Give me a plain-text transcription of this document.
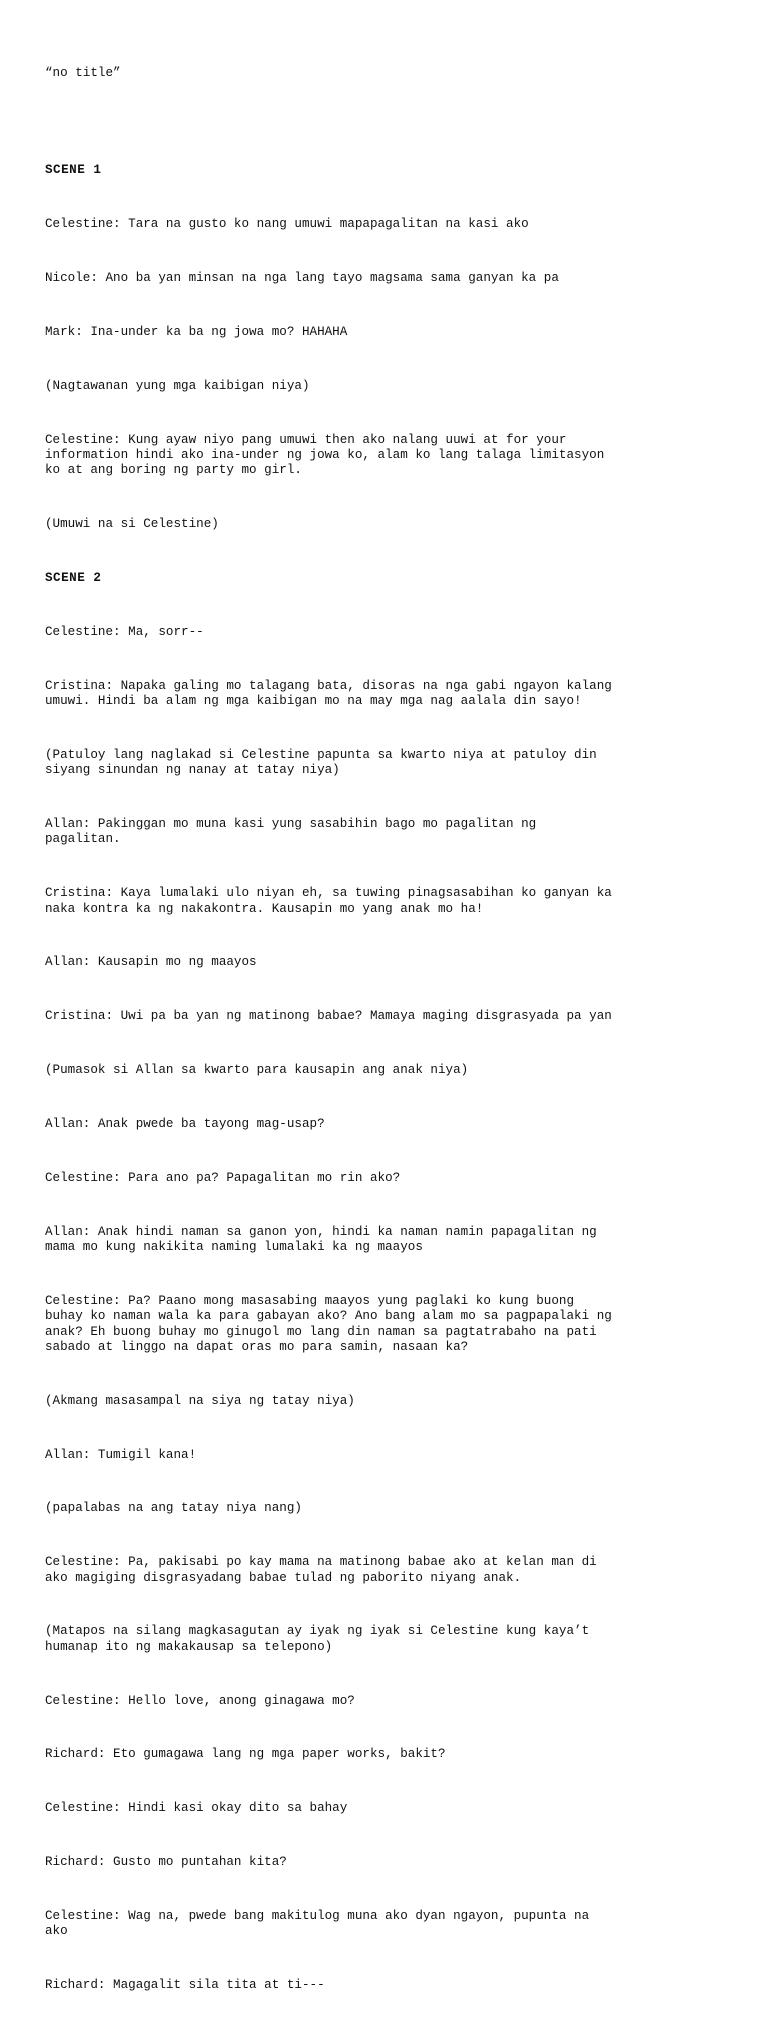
“no title”

SCENE 1

Celestine: Tara na gusto ko nang umuwi mapapagalitan na kasi ako

Nicole: Ano ba yan minsan na nga lang tayo magsama sama ganyan ka pa

Mark: Ina-under ka ba ng jowa mo? HAHAHA

(Nagtawanan yung mga kaibigan niya)

Celestine: Kung ayaw niyo pang umuwi then ako nalang uuwi at for your
information hindi ako ina-under ng jowa ko, alam ko lang talaga limitasyon
ko at ang boring ng party mo girl.

(Umuwi na si Celestine)

SCENE 2

Celestine: Ma, sorr--

Cristina: Napaka galing mo talagang bata, disoras na nga gabi ngayon kalang
umuwi. Hindi ba alam ng mga kaibigan mo na may mga nag aalala din sayo!

(Patuloy lang naglakad si Celestine papunta sa kwarto niya at patuloy din
siyang sinundan ng nanay at tatay niya)

Allan: Pakinggan mo muna kasi yung sasabihin bago mo pagalitan ng
pagalitan.

Cristina: Kaya lumalaki ulo niyan eh, sa tuwing pinagsasabihan ko ganyan ka
naka kontra ka ng nakakontra. Kausapin mo yang anak mo ha!

Allan: Kausapin mo ng maayos

Cristina: Uwi pa ba yan ng matinong babae? Mamaya maging disgrasyada pa yan

(Pumasok si Allan sa kwarto para kausapin ang anak niya)

Allan: Anak pwede ba tayong mag-usap?

Celestine: Para ano pa? Papagalitan mo rin ako?

Allan: Anak hindi naman sa ganon yon, hindi ka naman namin papagalitan ng
mama mo kung nakikita naming lumalaki ka ng maayos

Celestine: Pa? Paano mong masasabing maayos yung paglaki ko kung buong
buhay ko naman wala ka para gabayan ako? Ano bang alam mo sa pagpapalaki ng
anak? Eh buong buhay mo ginugol mo lang din naman sa pagtatrabaho na pati
sabado at linggo na dapat oras mo para samin, nasaan ka?

(Akmang masasampal na siya ng tatay niya)

Allan: Tumigil kana!

(papalabas na ang tatay niya nang)

Celestine: Pa, pakisabi po kay mama na matinong babae ako at kelan man di
ako magiging disgrasyadang babae tulad ng paborito niyang anak.

(Matapos na silang magkasagutan ay iyak ng iyak si Celestine kung kaya’t
humanap ito ng makakausap sa telepono)

Celestine: Hello love, anong ginagawa mo?

Richard: Eto gumagawa lang ng mga paper works, bakit?

Celestine: Hindi kasi okay dito sa bahay

Richard: Gusto mo puntahan kita?

Celestine: Wag na, pwede bang makitulog muna ako dyan ngayon, pupunta na
ako

Richard: Magagalit sila tita at ti---
